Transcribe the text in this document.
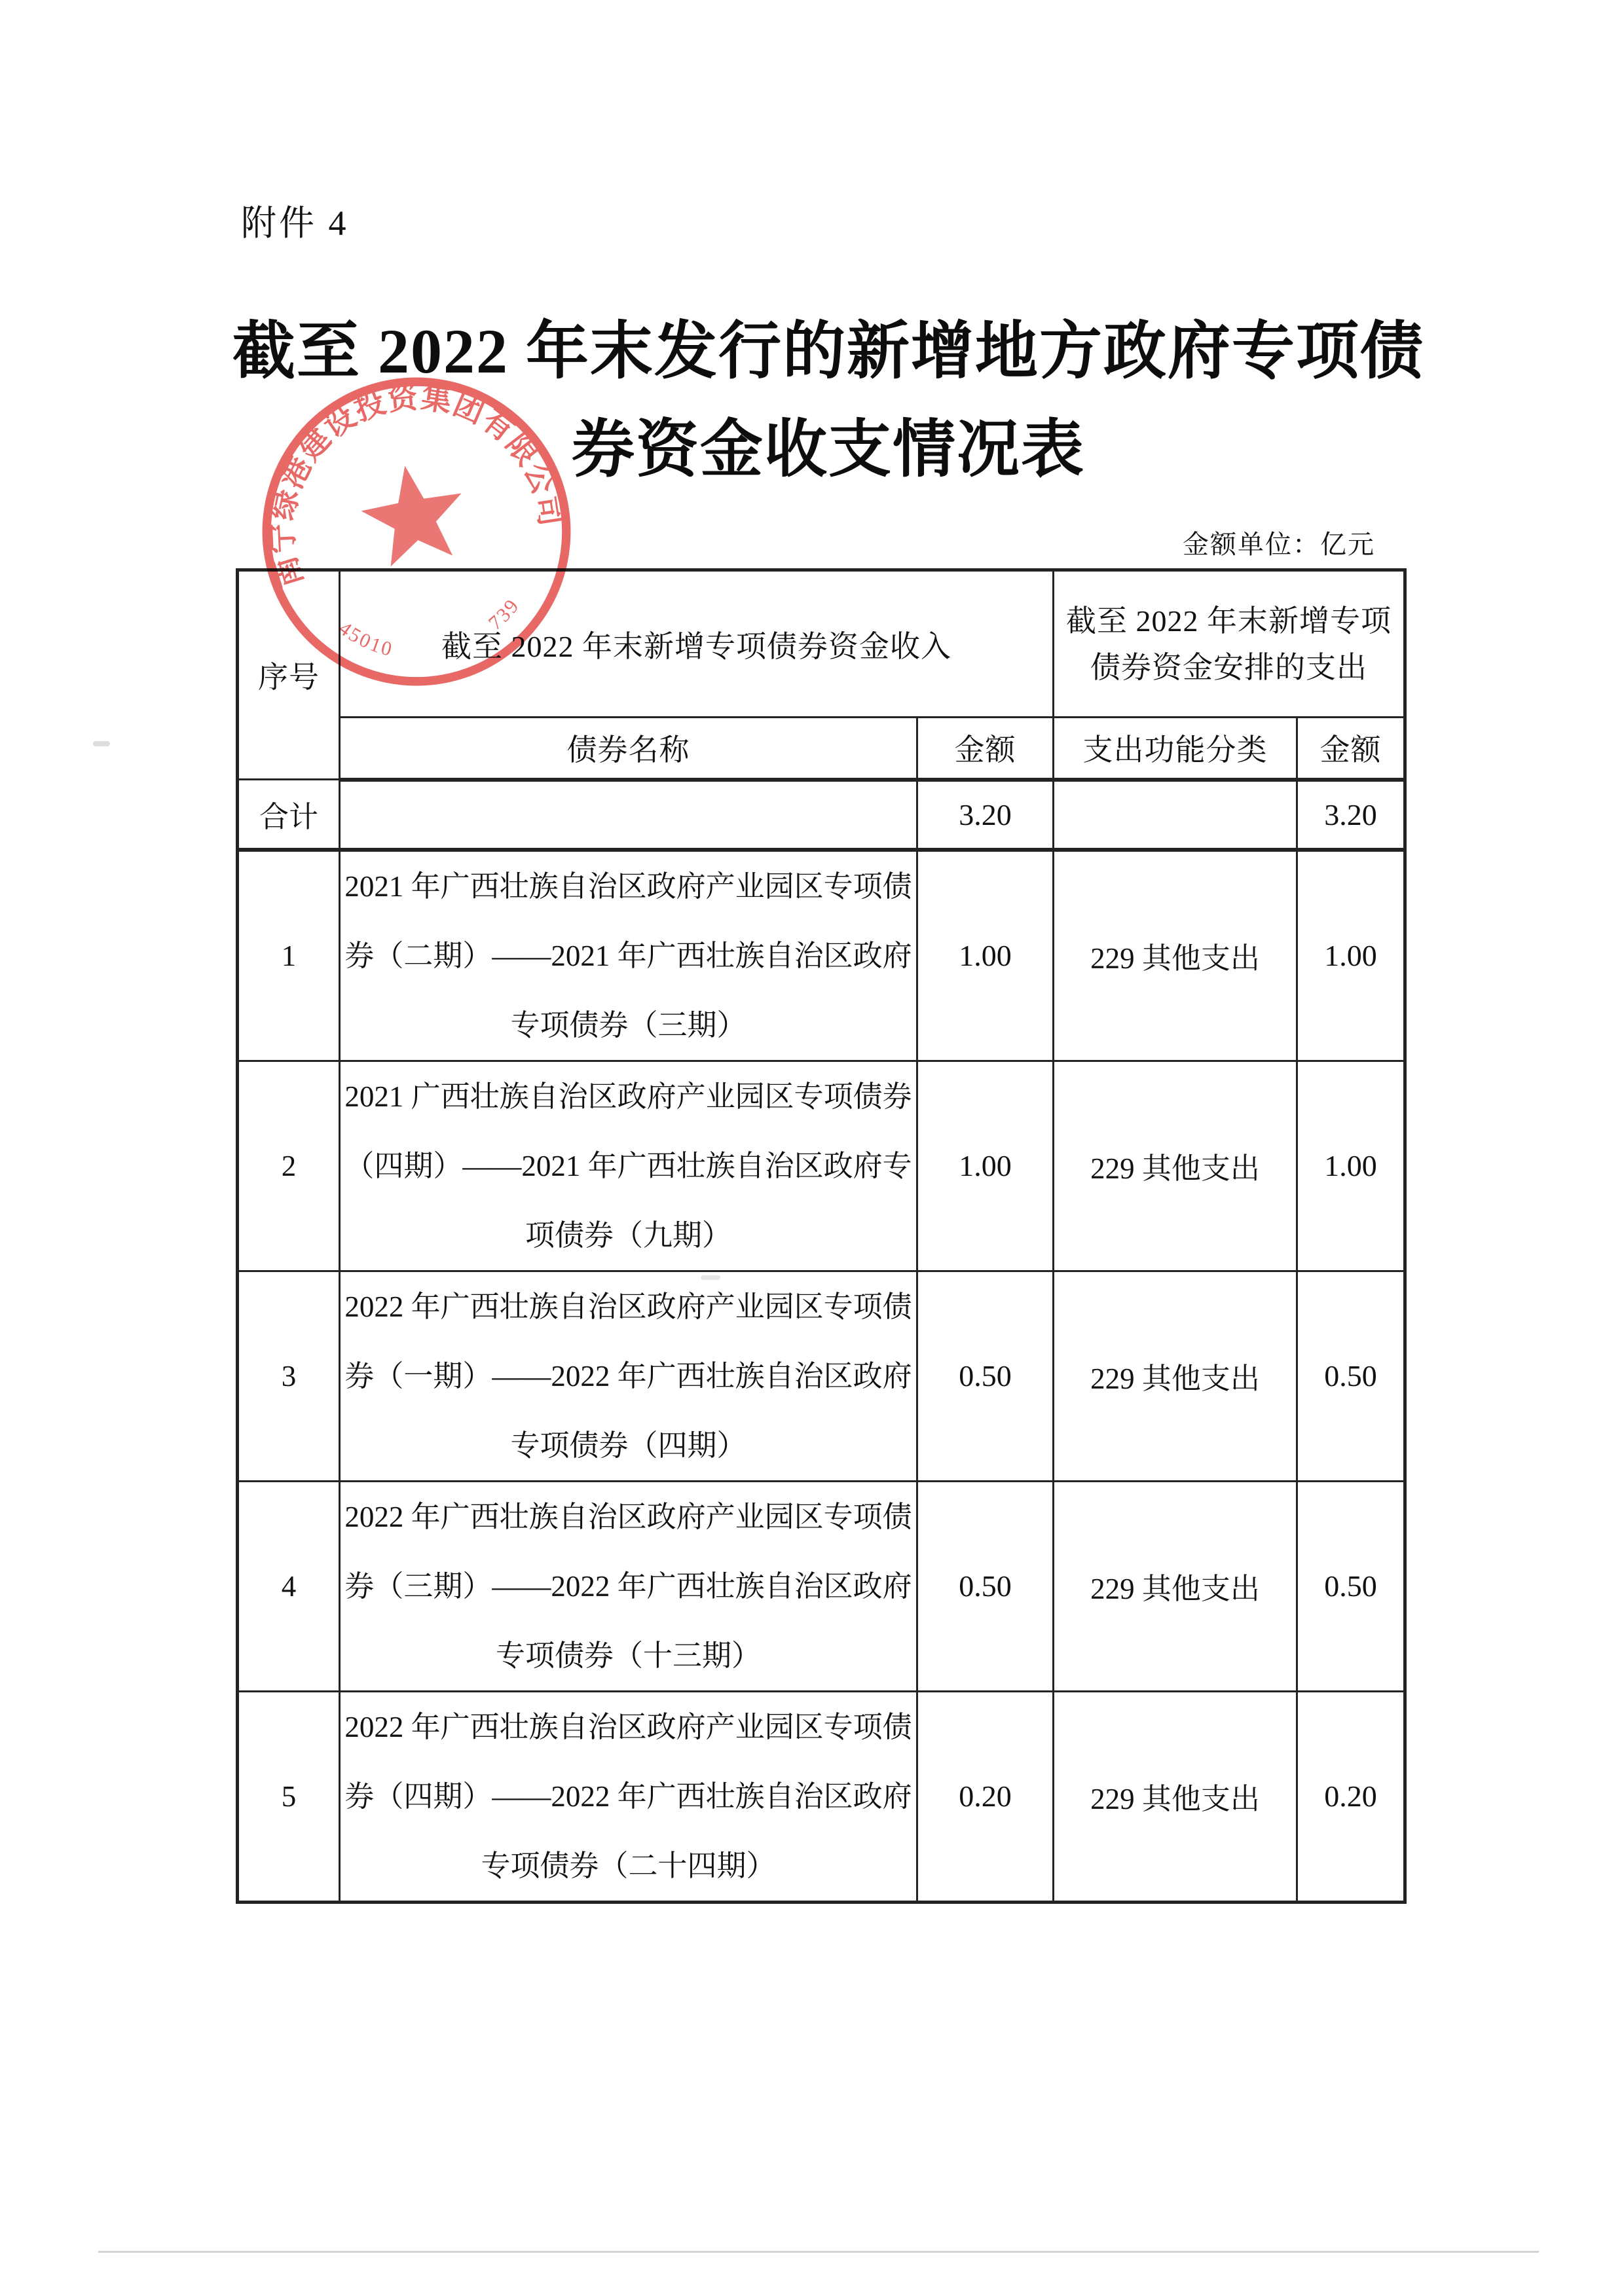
附件 4
截至 2022 年末发行的新增地方政府专项债
券资金收支情况表
金额单位：亿元
序号	截至 2022 年末新增专项债券资金收入		截至 2022 年末新增专项债券资金安排的支出	
	债券名称	金额	支出功能分类	金额
合计		3.20		3.20
1	2021 年广西壮族自治区政府产业园区专项债券（二期）——2021 年广西壮族自治区政府专项债券（三期）	1.00	229 其他支出	1.00
2	2021 广西壮族自治区政府产业园区专项债券（四期）——2021 年广西壮族自治区政府专项债券（九期）	1.00	229 其他支出	1.00
3	2022 年广西壮族自治区政府产业园区专项债券（一期）——2022 年广西壮族自治区政府专项债券（四期）	0.50	229 其他支出	0.50
4	2022 年广西壮族自治区政府产业园区专项债券（三期）——2022 年广西壮族自治区政府专项债券（十三期）	0.50	229 其他支出	0.50
5	2022 年广西壮族自治区政府产业园区专项债券（四期）——2022 年广西壮族自治区政府专项债券（二十四期）	0.20	229 其他支出	0.20
南宁绿港建设投资集团有限公司
45010
739
